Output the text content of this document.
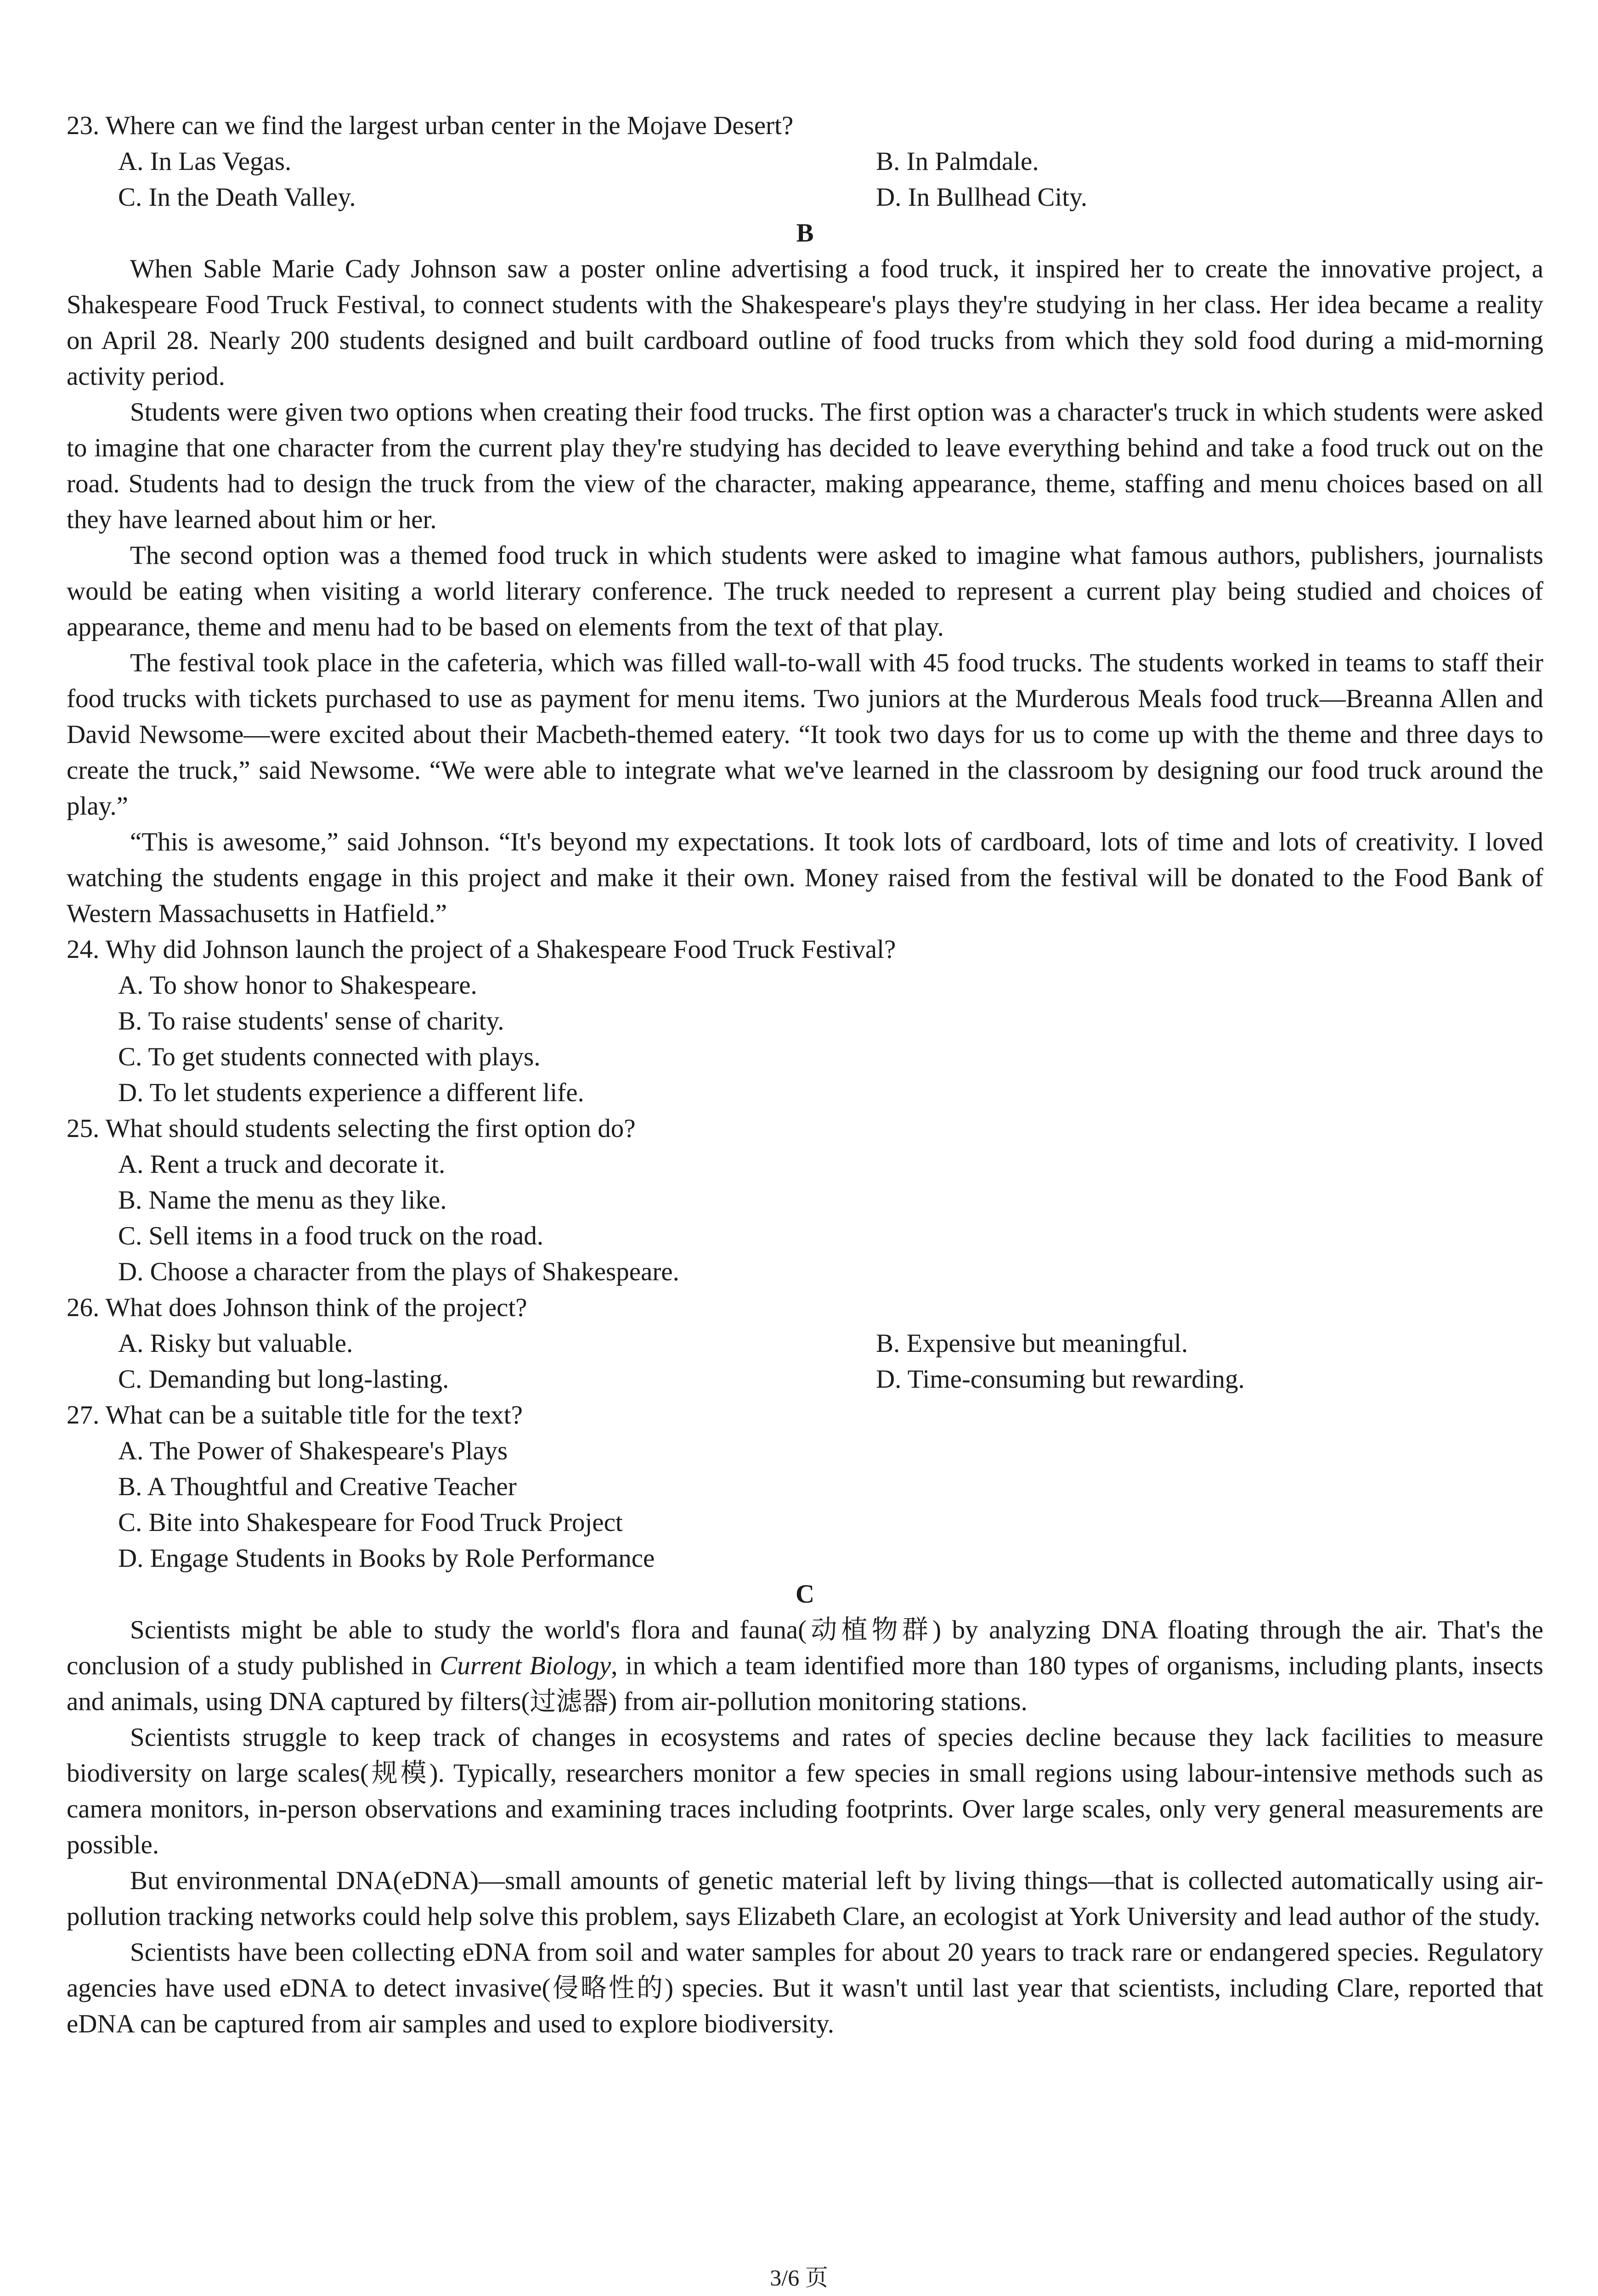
23. Where can we find the largest urban center in the Mojave Desert?

A. In Las Vegas.	B. In Palmdale.

C. In the Death Valley.	D. In Bullhead City.

B

When Sable Marie Cady Johnson saw a poster online advertising a food truck, it inspired her to create the innovative project, a Shakespeare Food Truck Festival, to connect students with the Shakespeare's plays they're studying in her class. Her idea became a reality on April 28. Nearly 200 students designed and built cardboard outline of food trucks from which they sold food during a mid-morning activity period.

Students were given two options when creating their food trucks. The first option was a character's truck in which students were asked to imagine that one character from the current play they're studying has decided to leave everything behind and take a food truck out on the road. Students had to design the truck from the view of the character, making appearance, theme, staffing and menu choices based on all they have learned about him or her.

The second option was a themed food truck in which students were asked to imagine what famous authors, publishers, journalists would be eating when visiting a world literary conference. The truck needed to represent a current play being studied and choices of appearance, theme and menu had to be based on elements from the text of that play.

The festival took place in the cafeteria, which was filled wall-to-wall with 45 food trucks. The students worked in teams to staff their food trucks with tickets purchased to use as payment for menu items. Two juniors at the Murderous Meals food truck—Breanna Allen and David Newsome—were excited about their Macbeth-themed eatery. “It took two days for us to come up with the theme and three days to create the truck,” said Newsome. “We were able to integrate what we've learned in the classroom by designing our food truck around the play.”

“This is awesome,” said Johnson. “It's beyond my expectations. It took lots of cardboard, lots of time and lots of creativity. I loved watching the students engage in this project and make it their own. Money raised from the festival will be donated to the Food Bank of Western Massachusetts in Hatfield.”

24. Why did Johnson launch the project of a Shakespeare Food Truck Festival?

A. To show honor to Shakespeare.

B. To raise students' sense of charity.

C. To get students connected with plays.

D. To let students experience a different life.

25. What should students selecting the first option do?

A. Rent a truck and decorate it.

B. Name the menu as they like.

C. Sell items in a food truck on the road.

D. Choose a character from the plays of Shakespeare.

26. What does Johnson think of the project?

A. Risky but valuable.	B. Expensive but meaningful.

C. Demanding but long-lasting.	D. Time-consuming but rewarding.

27. What can be a suitable title for the text?

A. The Power of Shakespeare's Plays

B. A Thoughtful and Creative Teacher

C. Bite into Shakespeare for Food Truck Project

D. Engage Students in Books by Role Performance

C

Scientists might be able to study the world's flora and fauna(动植物群) by analyzing DNA floating through the air. That's the conclusion of a study published in Current Biology, in which a team identified more than 180 types of organisms, including plants, insects and animals, using DNA captured by filters(过滤器) from air-pollution monitoring stations.

Scientists struggle to keep track of changes in ecosystems and rates of species decline because they lack facilities to measure biodiversity on large scales(规模). Typically, researchers monitor a few species in small regions using labour-intensive methods such as camera monitors, in-person observations and examining traces including footprints. Over large scales, only very general measurements are possible.

But environmental DNA(eDNA)—small amounts of genetic material left by living things—that is collected automatically using air-pollution tracking networks could help solve this problem, says Elizabeth Clare, an ecologist at York University and lead author of the study.

Scientists have been collecting eDNA from soil and water samples for about 20 years to track rare or endangered species. Regulatory agencies have used eDNA to detect invasive(侵略性的) species. But it wasn't until last year that scientists, including Clare, reported that eDNA can be captured from air samples and used to explore biodiversity.

3/6 页
